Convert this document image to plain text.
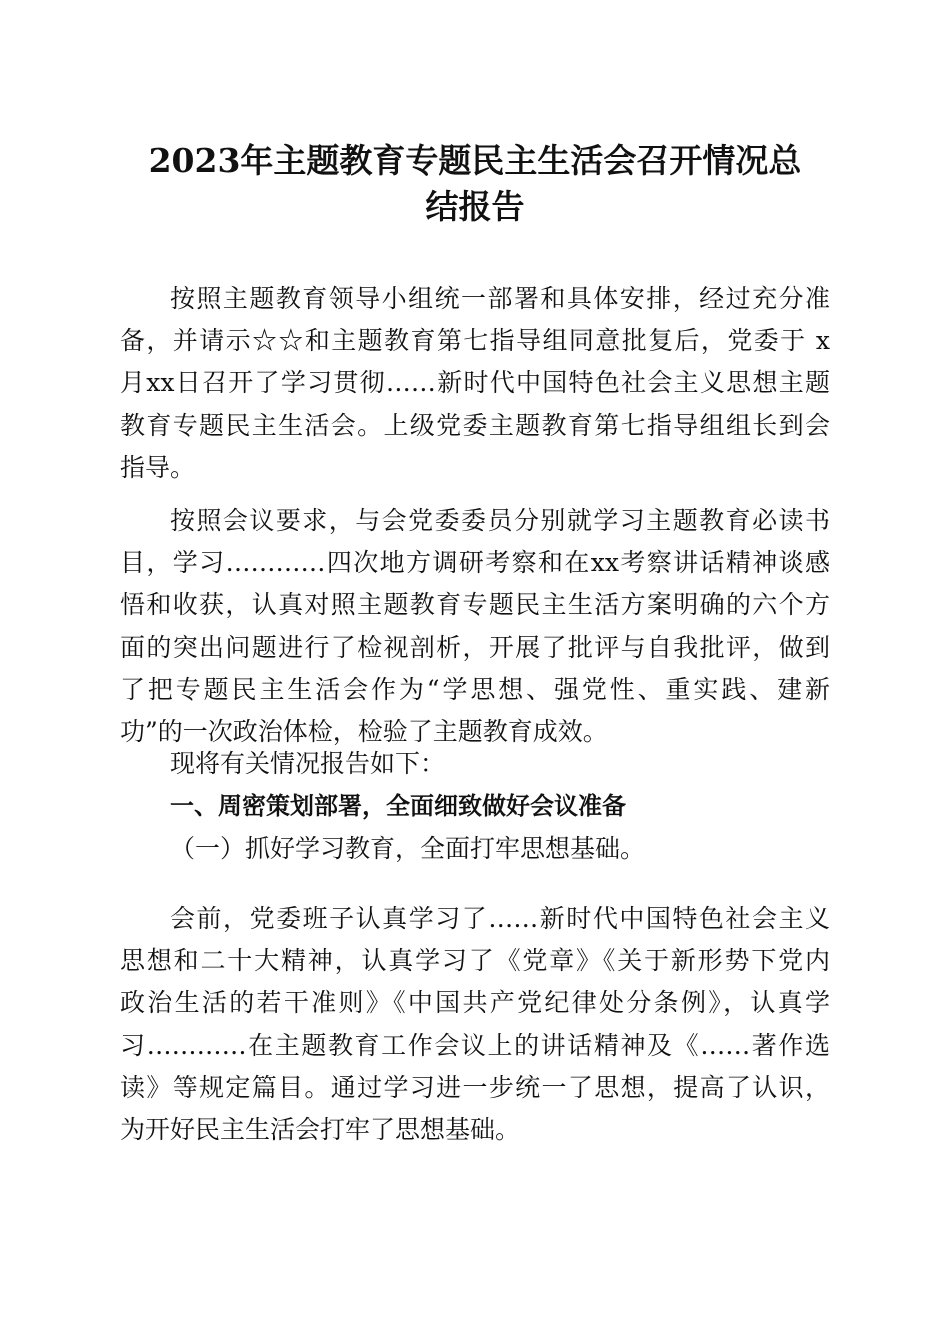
2023年主题教育专题民主生活会召开情况总
结报告
按照主题教育领导小组统一部署和具体安排，经过充分准
备，并请示☆☆和主题教育第七指导组同意批复后，党委于 x
月xx日召开了学习贯彻……新时代中国特色社会主义思想主题
教育专题民主生活会。上级党委主题教育第七指导组组长到会
指导。
按照会议要求，与会党委委员分别就学习主题教育必读书
目，学习…………四次地方调研考察和在xx考察讲话精神谈感
悟和收获，认真对照主题教育专题民主生活方案明确的六个方
面的突出问题进行了检视剖析，开展了批评与自我批评，做到
了把专题民主生活会作为“学思想、强党性、重实践、建新
功”的一次政治体检，检验了主题教育成效。
现将有关情况报告如下：
一、周密策划部署，全面细致做好会议准备
（一）抓好学习教育，全面打牢思想基础。
会前，党委班子认真学习了……新时代中国特色社会主义
思想和二十大精神，认真学习了《党章》《关于新形势下党内
政治生活的若干准则》《中国共产党纪律处分条例》，认真学
习…………在主题教育工作会议上的讲话精神及《……著作选
读》等规定篇目。通过学习进一步统一了思想，提高了认识，
为开好民主生活会打牢了思想基础。
